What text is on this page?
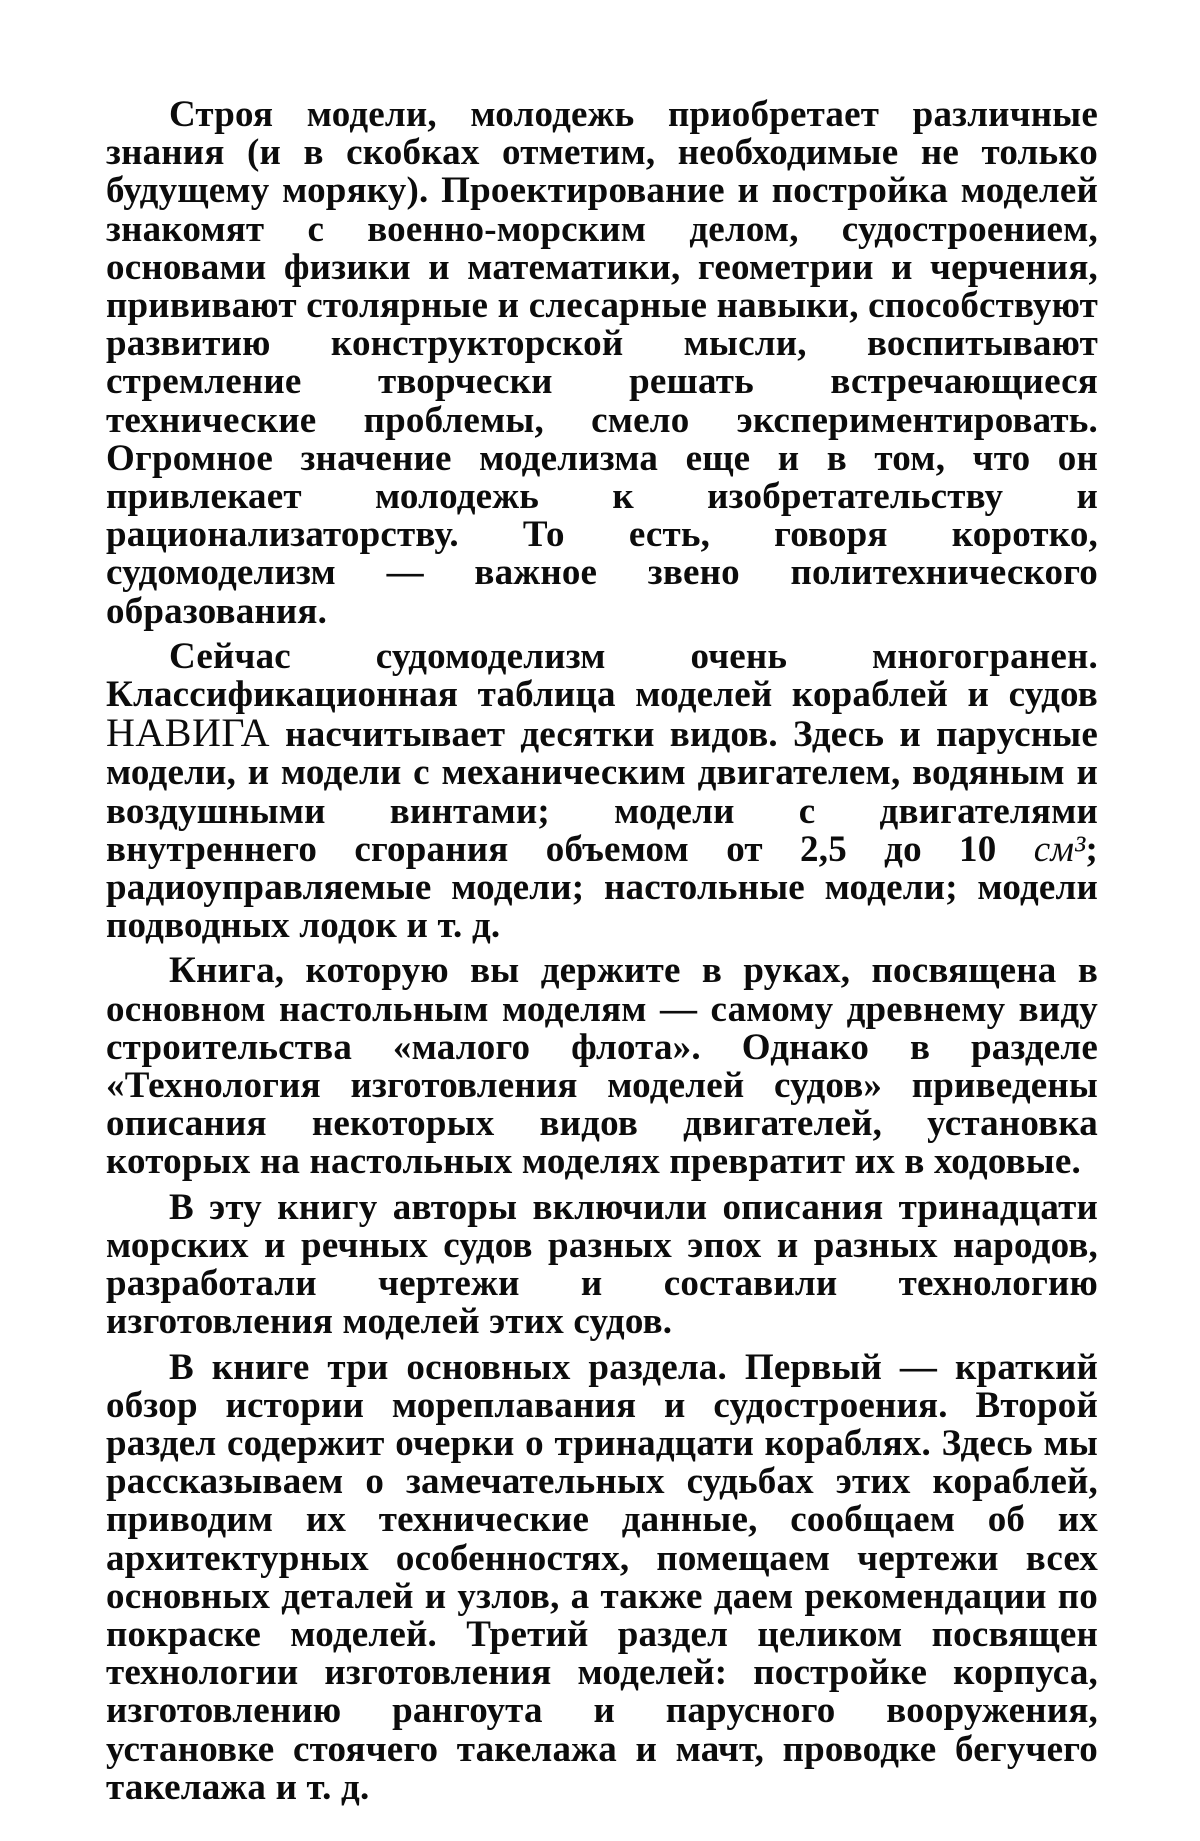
Строя модели, молодежь приобретает различные знания (и в скобках отметим, необходимые не только будущему моряку). Проектирование и постройка моделей знакомят с военно-морским делом, судостроением, основами физики и математики, геометрии и черчения, прививают столярные и слесарные навыки, способствуют развитию конструкторской мысли, воспитывают стремление творчески решать встречающиеся технические проблемы, смело экспериментировать. Огромное значение моделизма еще и в том, что он привлекает молодежь к изобретательству и рационализаторству. То есть, говоря коротко, судомоделизм — важное звено политехнического образования.

Сейчас судомоделизм очень многогранен. Классификационная таблица моделей кораблей и судов НАВИГА насчитывает десятки видов. Здесь и парусные модели, и модели с механическим двигателем, водяным и воздушными винтами; модели с двигателями внутреннего сгорания объемом от 2,5 до 10 см³; радиоуправляемые модели; настольные модели; модели подводных лодок и т. д.

Книга, которую вы держите в руках, посвящена в основном настольным моделям — самому древнему виду строительства «малого флота». Однако в разделе «Технология изготовления моделей судов» приведены описания некоторых видов двигателей, установка которых на настольных моделях превратит их в ходовые.

В эту книгу авторы включили описания тринадцати морских и речных судов разных эпох и разных народов, разработали чертежи и составили технологию изготовления моделей этих судов.

В книге три основных раздела. Первый — краткий обзор истории мореплавания и судостроения. Второй раздел содержит очерки о тринадцати кораблях. Здесь мы рассказываем о замечательных судьбах этих кораблей, приводим их технические данные, сообщаем об их архитектурных особенностях, помещаем чертежи всех основных деталей и узлов, а также даем рекомендации по покраске моделей. Третий раздел целиком посвящен технологии изготовления моделей: постройке корпуса, изготовлению рангоута и парусного вооружения, установке стоячего такелажа и мачт, проводке бегучего такелажа и т. д.
